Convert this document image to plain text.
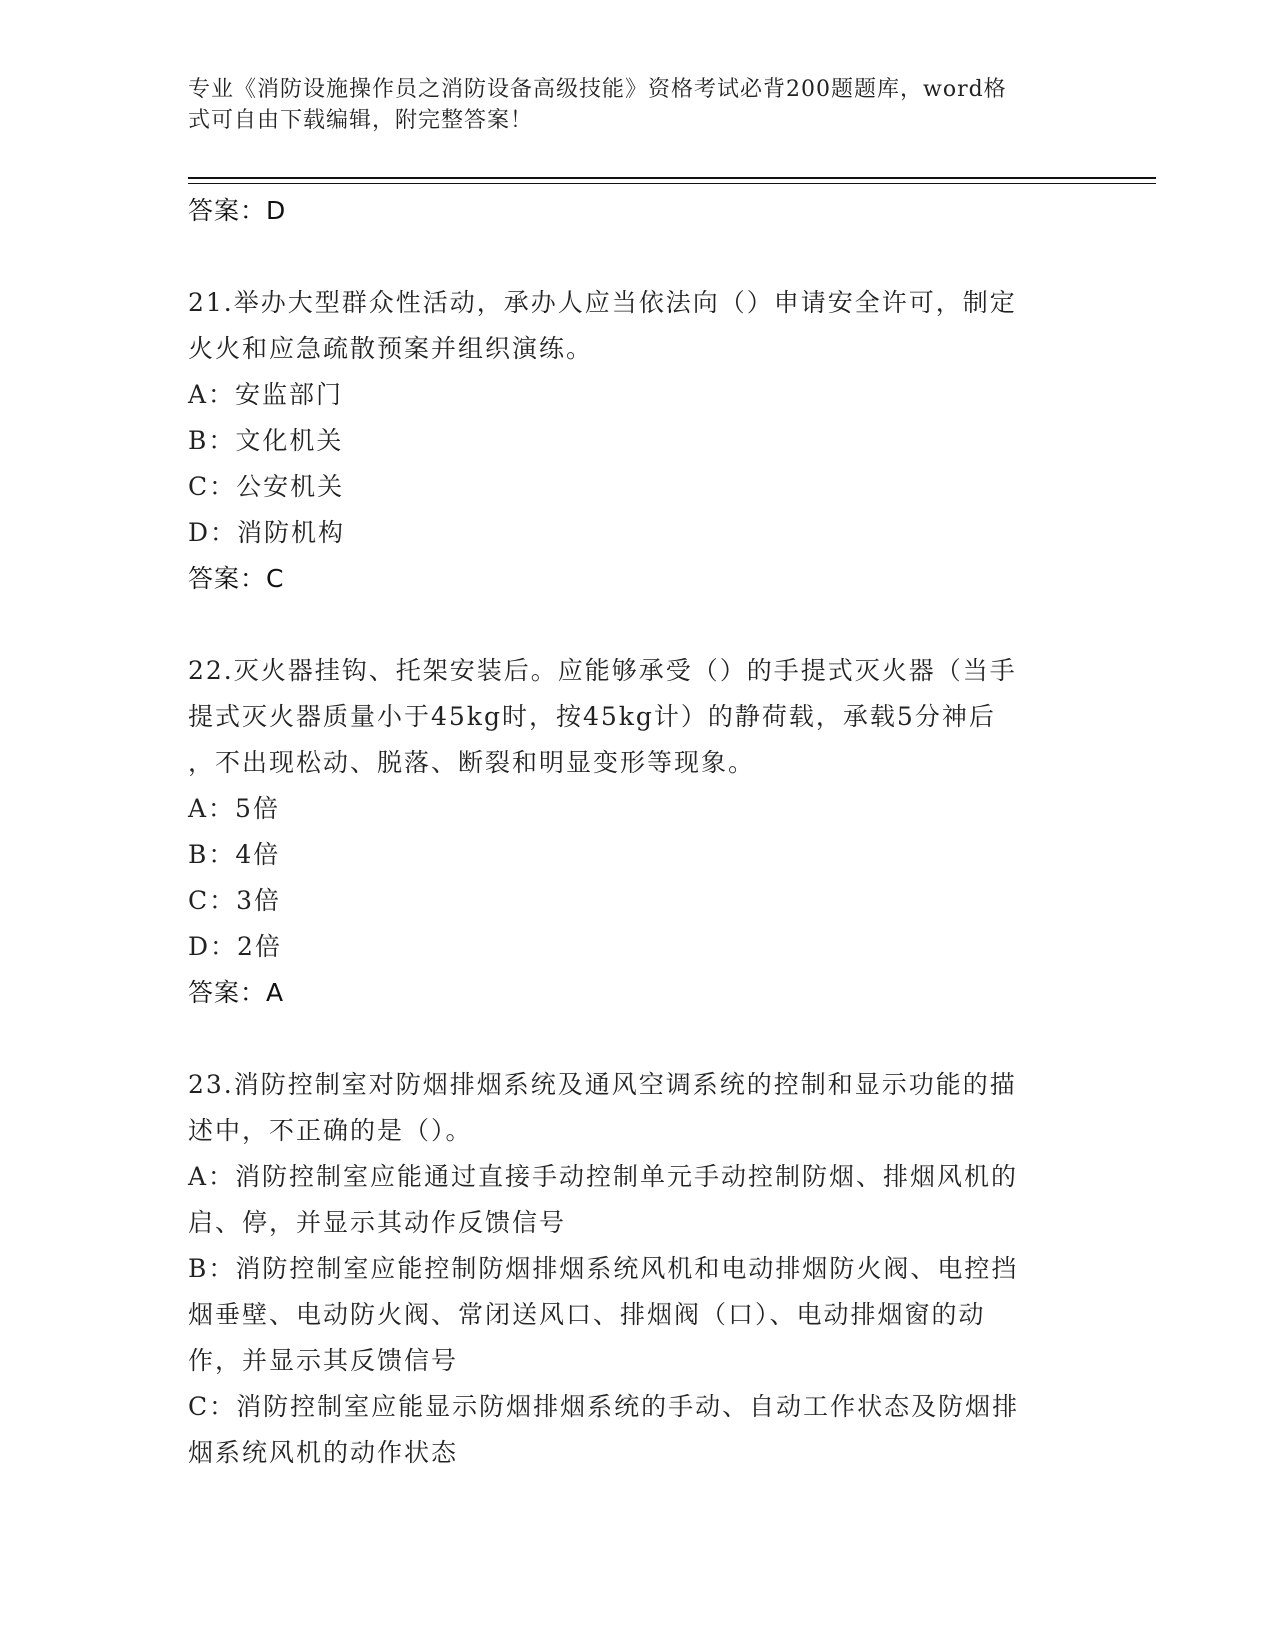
专业《消防设施操作员之消防设备高级技能》资格考试必背200题题库，word格
式可自由下载编辑，附完整答案！
答案：D
21.举办大型群众性活动，承办人应当依法向（）申请安全许可，制定
火火和应急疏散预案并组织演练。
A：安监部门
B：文化机关
C：公安机关
D：消防机构
答案：C
22.灭火器挂钩、托架安装后。应能够承受（）的手提式灭火器（当手
提式灭火器质量小于45kg时，按45kg计）的静荷载，承载5分神后
，不出现松动、脱落、断裂和明显变形等现象。
A：5倍
B：4倍
C：3倍
D：2倍
答案：A
23.消防控制室对防烟排烟系统及通风空调系统的控制和显示功能的描
述中，不正确的是（）。
A：消防控制室应能通过直接手动控制单元手动控制防烟、排烟风机的
启、停，并显示其动作反馈信号
B：消防控制室应能控制防烟排烟系统风机和电动排烟防火阀、电控挡
烟垂壁、电动防火阀、常闭送风口、排烟阀（口）、电动排烟窗的动
作，并显示其反馈信号
C：消防控制室应能显示防烟排烟系统的手动、自动工作状态及防烟排
烟系统风机的动作状态
